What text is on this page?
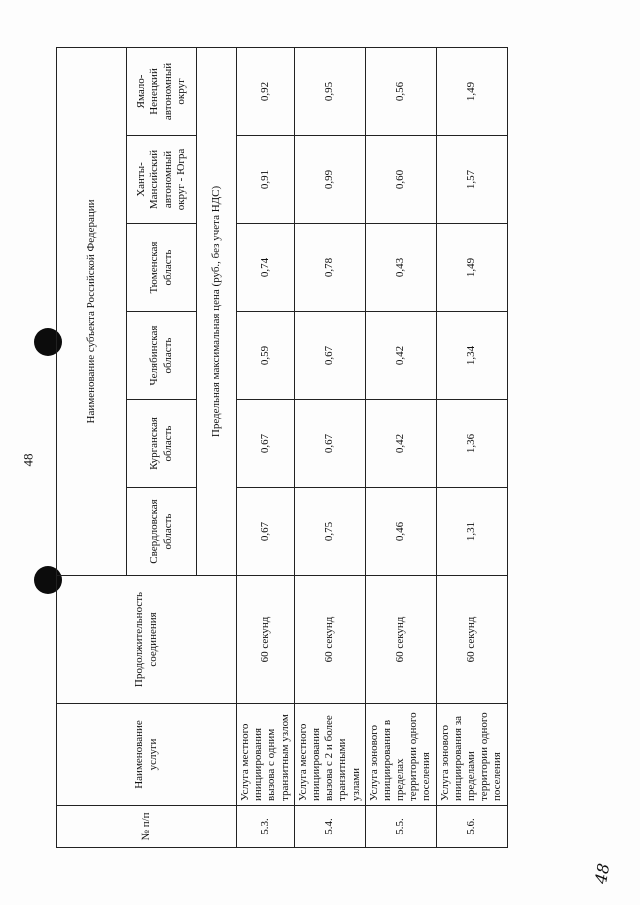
48
48
№ п/п	Наименование услуги	Продолжительность соединения	Наименование субъекта Российской Федерации					
			Свердловская область	Курганская область	Челябинская область	Тюменская область	Ханты-Мансийский автономный округ - Югра	Ямало-Ненецкий автономный округ
			Предельная максимальная цена (руб., без учета НДС)					
5.3.	Услуга местного инициирования вызова с одним транзитным узлом	60 секунд	0,67	0,67	0,59	0,74	0,91	0,92
5.4.	Услуга местного инициирования вызова с 2 и более транзитными узлами	60 секунд	0,75	0,67	0,67	0,78	0,99	0,95
5.5.	Услуга зонового инициирования в пределах территории одного поселения	60 секунд	0,46	0,42	0,42	0,43	0,60	0,56
5.6.	Услуга зонового инициирования за пределами территории одного поселения	60 секунд	1,31	1,36	1,34	1,49	1,57	1,49
